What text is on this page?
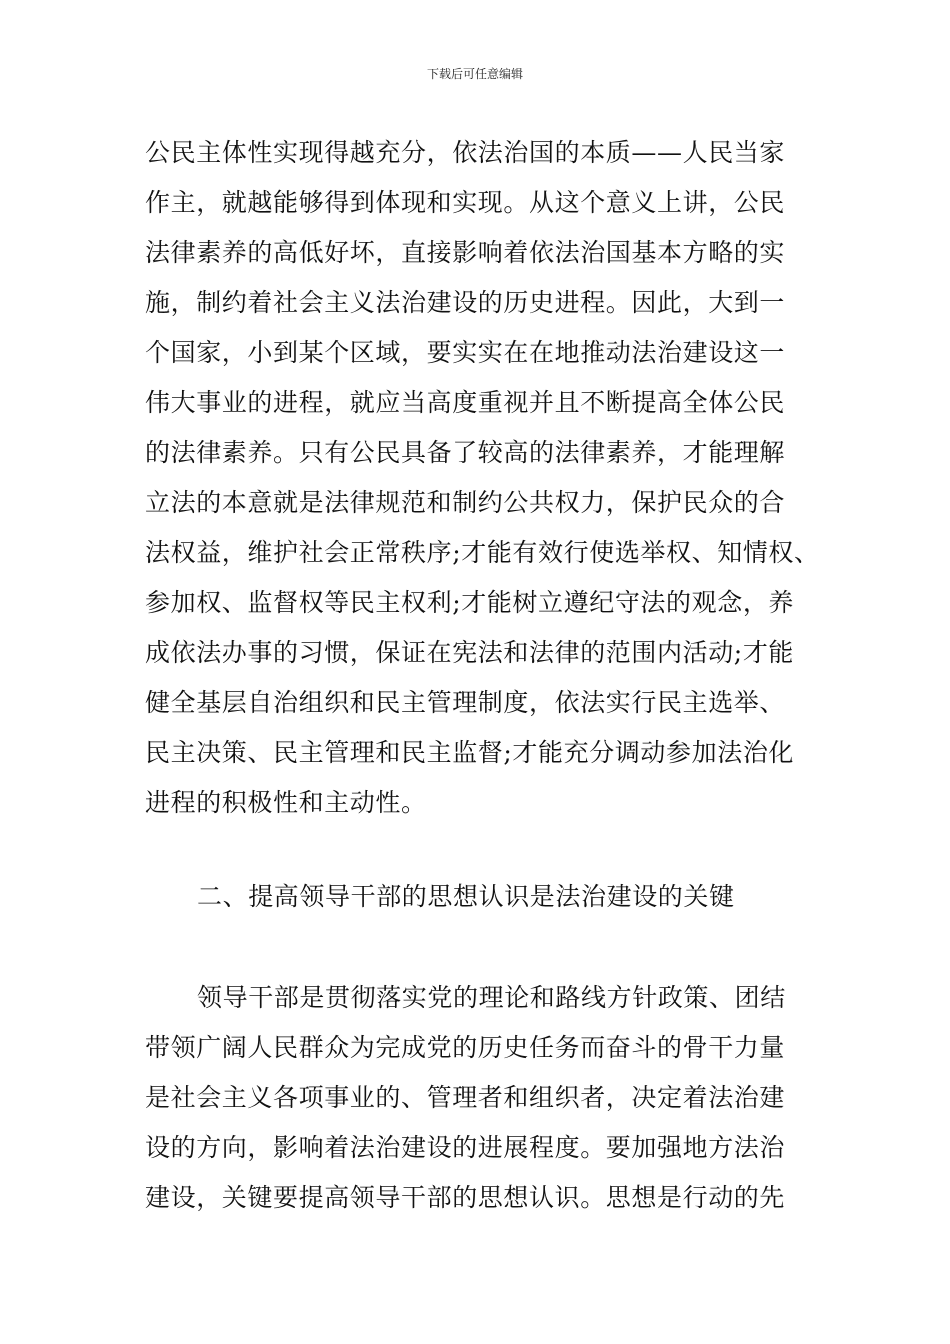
下载后可任意编辑
公民主体性实现得越充分，依法治国的本质——人民当家
作主，就越能够得到体现和实现。从这个意义上讲，公民
法律素养的高低好坏，直接影响着依法治国基本方略的实
施，制约着社会主义法治建设的历史进程。因此，大到一
个国家，小到某个区域，要实实在在地推动法治建设这一
伟大事业的进程，就应当高度重视并且不断提高全体公民
的法律素养。只有公民具备了较高的法律素养，才能理解
立法的本意就是法律规范和制约公共权力，保护民众的合
法权益，维护社会正常秩序;才能有效行使选举权、知情权、
参加权、监督权等民主权利;才能树立遵纪守法的观念，养
成依法办事的习惯，保证在宪法和法律的范围内活动;才能
健全基层自治组织和民主管理制度，依法实行民主选举、
民主决策、民主管理和民主监督;才能充分调动参加法治化
进程的积极性和主动性。
二、提高领导干部的思想认识是法治建设的关键
领导干部是贯彻落实党的理论和路线方针政策、团结
带领广阔人民群众为完成党的历史任务而奋斗的骨干力量
是社会主义各项事业的、管理者和组织者，决定着法治建
设的方向，影响着法治建设的进展程度。要加强地方法治
建设，关键要提高领导干部的思想认识。思想是行动的先
